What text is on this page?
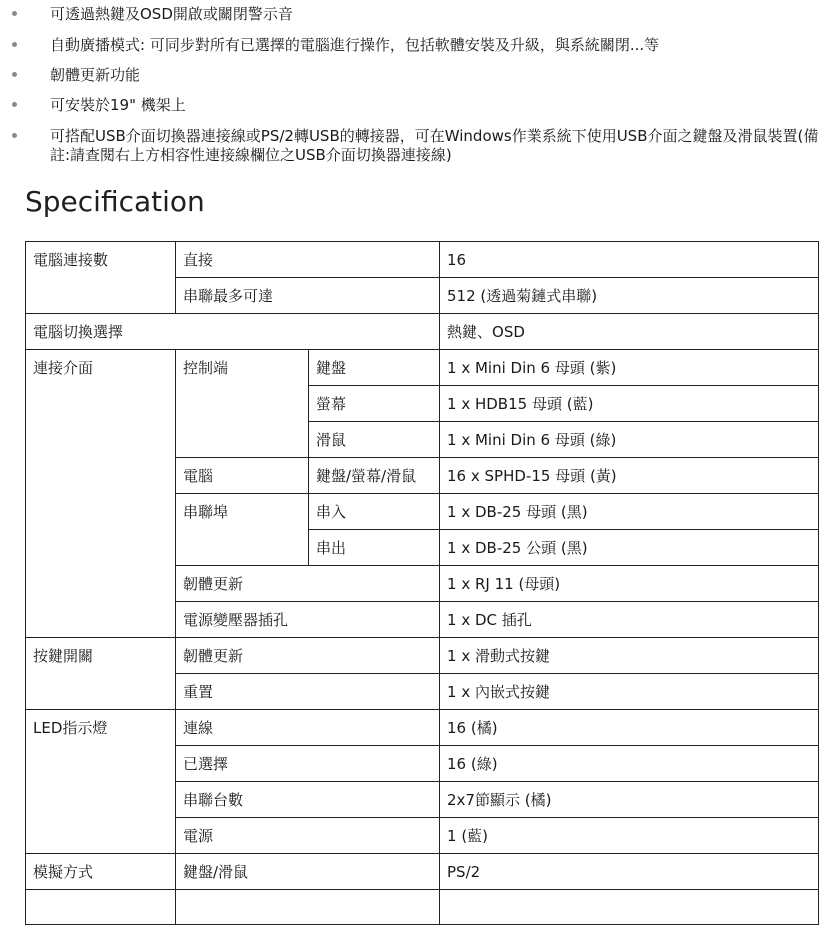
可透過熱鍵及OSD開啟或關閉警示音
自動廣播模式: 可同步對所有已選擇的電腦進行操作，包括軟體安裝及升級，與系統關閉...等
韌體更新功能
可安裝於19" 機架上
可搭配USB介面切換器連接線或PS/2轉USB的轉接器，可在Windows作業系統下使用USB介面之鍵盤及滑鼠裝置(備註:請查閱右上方相容性連接線欄位之USB介面切換器連接線)
Specification
電腦連接數	直接		16
	串聯最多可達		512 (透過菊鏈式串聯)
電腦切換選擇			熱鍵、OSD
連接介面	控制端	鍵盤	1 x Mini Din 6 母頭 (紫)
		螢幕	1 x HDB15 母頭 (藍)
		滑鼠	1 x Mini Din 6 母頭 (綠)
	電腦	鍵盤/螢幕/滑鼠	16 x SPHD-15 母頭 (黃)
	串聯埠	串入	1 x DB-25 母頭 (黑)
		串出	1 x DB-25 公頭 (黑)
	韌體更新		1 x RJ 11 (母頭)
	電源變壓器插孔		1 x DC 插孔
按鍵開關	韌體更新		1 x 滑動式按鍵
	重置		1 x 內嵌式按鍵
LED指示燈	連線		16 (橘)
	已選擇		16 (綠)
	串聯台數		2x7節顯示 (橘)
	電源		1 (藍)
模擬方式	鍵盤/滑鼠		PS/2
